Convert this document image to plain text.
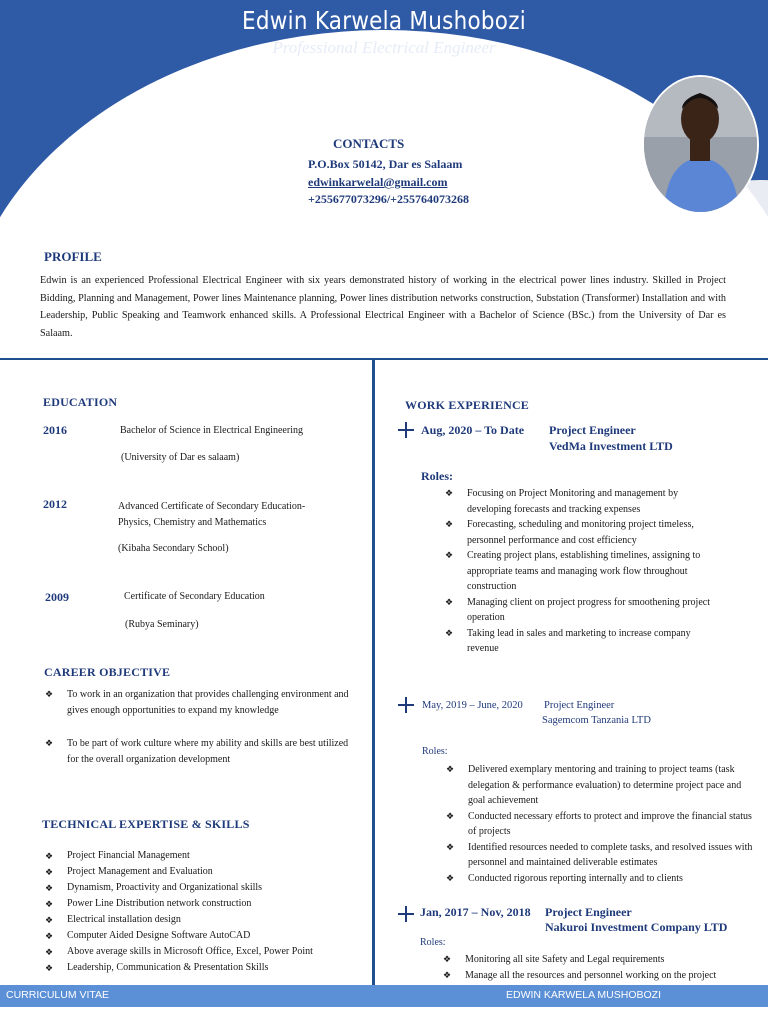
Edwin Karwela Mushobozi
Professional Electrical Engineer
CONTACTS
P.O.Box 50142, Dar es Salaam
edwinkarwelal@gmail.com
+255677073296/+255764073268
PROFILE
Edwin is an experienced Professional Electrical Engineer with six years demonstrated history of working in the electrical power lines industry. Skilled in Project Bidding, Planning and Management, Power lines Maintenance planning, Power lines distribution networks construction, Substation (Transformer) Installation and with Leadership, Public Speaking and Teamwork enhanced skills. A Professional Electrical Engineer with a Bachelor of Science (BSc.) from the University of Dar es Salaam.
EDUCATION
2016	Bachelor of Science in Electrical Engineering
(University of Dar es salaam)
2012	Advanced Certificate of Secondary Education-Physics, Chemistry and Mathematics
(Kibaha Secondary School)
2009	Certificate of Secondary Education
(Rubya Seminary)
CAREER OBJECTIVE
❖ To work in an organization that provides challenging environment and gives enough opportunities to expand my knowledge
❖ To be part of work culture where my ability and skills are best utilized for the overall organization development
TECHNICAL EXPERTISE & SKILLS
❖ Project Financial Management
❖ Project Management and Evaluation
❖ Dynamism, Proactivity and Organizational skills
❖ Power Line Distribution network construction
❖ Electrical installation design
❖ Computer Aided Designe Software AutoCAD
❖ Above average skills in Microsoft Office, Excel, Power Point
❖ Leadership, Communication & Presentation Skills
WORK EXPERIENCE
Aug, 2020 – To Date Project Engineer
VedMa Investment LTD
Roles:
❖ Focusing on Project Monitoring and management by developing forecasts and tracking expenses
❖ Forecasting, scheduling and monitoring project timeless, personnel performance and cost efficiency
❖ Creating project plans, establishing timelines, assigning to appropriate teams and managing work flow throughout construction
❖ Managing client on project progress for smoothening project operation
❖ Taking lead in sales and marketing to increase company revenue
May, 2019 – June, 2020 Project Engineer
Sagemcom Tanzania LTD
Roles:
❖ Delivered exemplary mentoring and training to project teams (task delegation & performance evaluation) to determine project pace and goal achievement
❖ Conducted necessary efforts to protect and improve the financial status of projects
❖ Identified resources needed to complete tasks, and resolved issues with personnel and maintained deliverable estimates
❖ Conducted rigorous reporting internally and to clients
Jan, 2017 – Nov, 2018 Project Engineer
Nakuroi Investment Company LTD
Roles:
❖ Monitoring all site Safety and Legal requirements
❖ Manage all the resources and personnel working on the project
CURRICULUM VITAE	EDWIN KARWELA MUSHOBOZI
